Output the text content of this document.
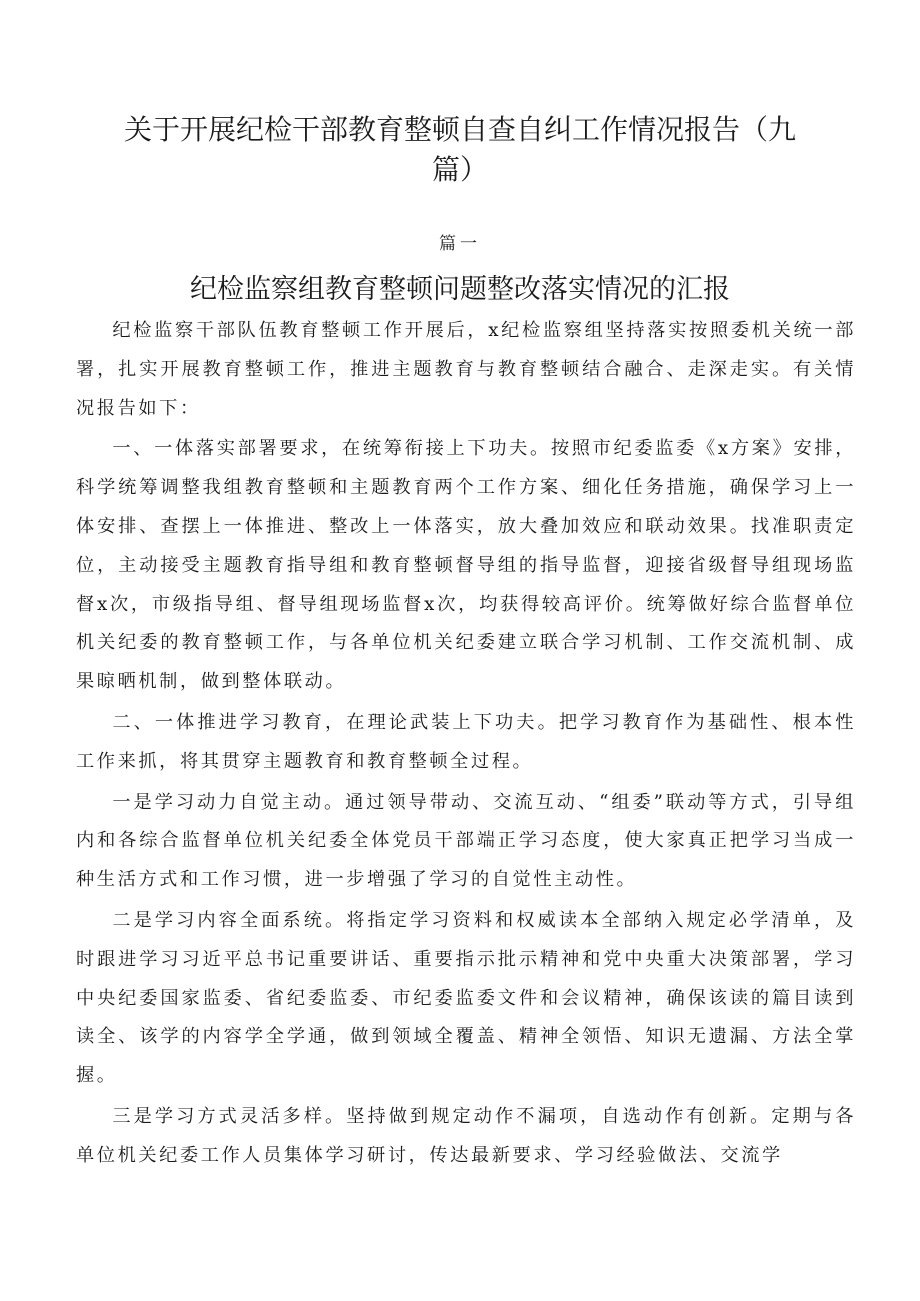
关于开展纪检干部教育整顿自查自纠工作情况报告（九
篇）
篇一
纪检监察组教育整顿问题整改落实情况的汇报

纪检监察干部队伍教育整顿工作开展后，x纪检监察组坚持落实按照委机关统一部署，扎实开展教育整顿工作，推进主题教育与教育整顿结合融合、走深走实。有关情况报告如下：

一、一体落实部署要求，在统筹衔接上下功夫。按照市纪委监委《x方案》安排，科学统筹调整我组教育整顿和主题教育两个工作方案、细化任务措施，确保学习上一体安排、查摆上一体推进、整改上一体落实，放大叠加效应和联动效果。找准职责定位，主动接受主题教育指导组和教育整顿督导组的指导监督，迎接省级督导组现场监督x次，市级指导组、督导组现场监督x次，均获得较高评价。统筹做好综合监督单位机关纪委的教育整顿工作，与各单位机关纪委建立联合学习机制、工作交流机制、成果晾晒机制，做到整体联动。

二、一体推进学习教育，在理论武装上下功夫。把学习教育作为基础性、根本性工作来抓，将其贯穿主题教育和教育整顿全过程。

一是学习动力自觉主动。通过领导带动、交流互动、“组委”联动等方式，引导组内和各综合监督单位机关纪委全体党员干部端正学习态度，使大家真正把学习当成一种生活方式和工作习惯，进一步增强了学习的自觉性主动性。

二是学习内容全面系统。将指定学习资料和权威读本全部纳入规定必学清单，及时跟进学习习近平总书记重要讲话、重要指示批示精神和党中央重大决策部署，学习中央纪委国家监委、省纪委监委、市纪委监委文件和会议精神，确保该读的篇目读到读全、该学的内容学全学通，做到领域全覆盖、精神全领悟、知识无遗漏、方法全掌握。

三是学习方式灵活多样。坚持做到规定动作不漏项，自选动作有创新。定期与各单位机关纪委工作人员集体学习研讨，传达最新要求、学习经验做法、交流学
